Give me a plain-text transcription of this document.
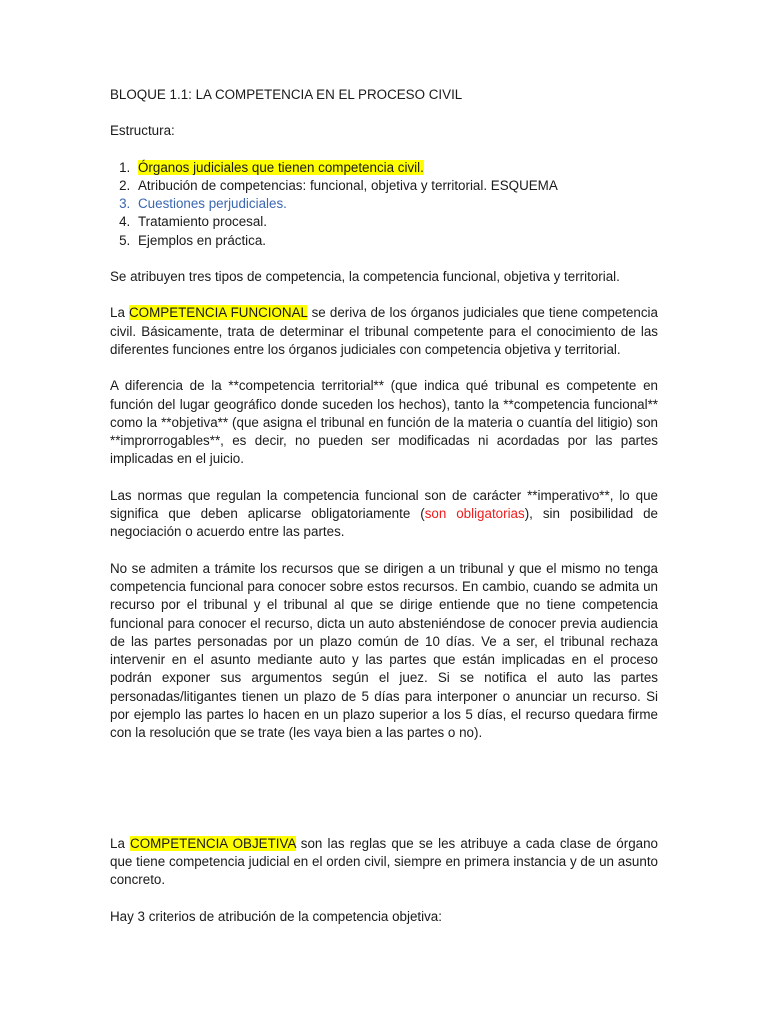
BLOQUE 1.1: LA COMPETENCIA EN EL PROCESO CIVIL

Estructura:

1. Órganos judiciales que tienen competencia civil.
2. Atribución de competencias: funcional, objetiva y territorial. ESQUEMA
3. Cuestiones perjudiciales.
4. Tratamiento procesal.
5. Ejemplos en práctica.

Se atribuyen tres tipos de competencia, la competencia funcional, objetiva y territorial.

La COMPETENCIA FUNCIONAL se deriva de los órganos judiciales que tiene competencia civil. Básicamente, trata de determinar el tribunal competente para el conocimiento de las diferentes funciones entre los órganos judiciales con competencia objetiva y territorial.

A diferencia de la **competencia territorial** (que indica qué tribunal es competente en función del lugar geográfico donde suceden los hechos), tanto la **competencia funcional** como la **objetiva** (que asigna el tribunal en función de la materia o cuantía del litigio) son **improrrogables**, es decir, no pueden ser modificadas ni acordadas por las partes implicadas en el juicio.

Las normas que regulan la competencia funcional son de carácter **imperativo**, lo que significa que deben aplicarse obligatoriamente (son obligatorias), sin posibilidad de negociación o acuerdo entre las partes.

No se admiten a trámite los recursos que se dirigen a un tribunal y que el mismo no tenga competencia funcional para conocer sobre estos recursos. En cambio, cuando se admita un recurso por el tribunal y el tribunal al que se dirige entiende que no tiene competencia funcional para conocer el recurso, dicta un auto absteniéndose de conocer previa audiencia de las partes personadas por un plazo común de 10 días. Ve a ser, el tribunal rechaza intervenir en el asunto mediante auto y las partes que están implicadas en el proceso podrán exponer sus argumentos según el juez. Si se notifica el auto las partes personadas/litigantes tienen un plazo de 5 días para interponer o anunciar un recurso. Si por ejemplo las partes lo hacen en un plazo superior a los 5 días, el recurso quedara firme con la resolución que se trate (les vaya bien a las partes o no).

La COMPETENCIA OBJETIVA son las reglas que se les atribuye a cada clase de órgano que tiene competencia judicial en el orden civil, siempre en primera instancia y de un asunto concreto.

Hay 3 criterios de atribución de la competencia objetiva:
